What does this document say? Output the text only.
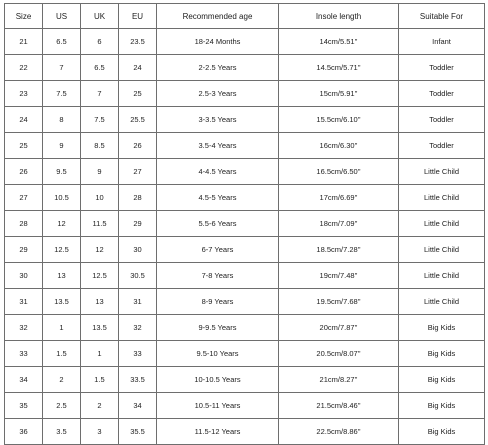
Size	US	UK	EU	Recommended age	Insole length	Suitable For
21	6.5	6	23.5	18-24 Months	14cm/5.51''	Infant
22	7	6.5	24	2-2.5 Years	14.5cm/5.71''	Toddler
23	7.5	7	25	2.5-3 Years	15cm/5.91''	Toddler
24	8	7.5	25.5	3-3.5 Years	15.5cm/6.10''	Toddler
25	9	8.5	26	3.5-4 Years	16cm/6.30''	Toddler
26	9.5	9	27	4-4.5 Years	16.5cm/6.50''	Little Child
27	10.5	10	28	4.5-5 Years	17cm/6.69''	Little Child
28	12	11.5	29	5.5-6 Years	18cm/7.09''	Little Child
29	12.5	12	30	6-7 Years	18.5cm/7.28''	Little Child
30	13	12.5	30.5	7-8 Years	19cm/7.48''	Little Child
31	13.5	13	31	8-9 Years	19.5cm/7.68''	Little Child
32	1	13.5	32	9-9.5 Years	20cm/7.87''	Big Kids
33	1.5	1	33	9.5-10 Years	20.5cm/8.07''	Big Kids
34	2	1.5	33.5	10-10.5 Years	21cm/8.27''	Big Kids
35	2.5	2	34	10.5-11 Years	21.5cm/8.46''	Big Kids
36	3.5	3	35.5	11.5-12 Years	22.5cm/8.86''	Big Kids
